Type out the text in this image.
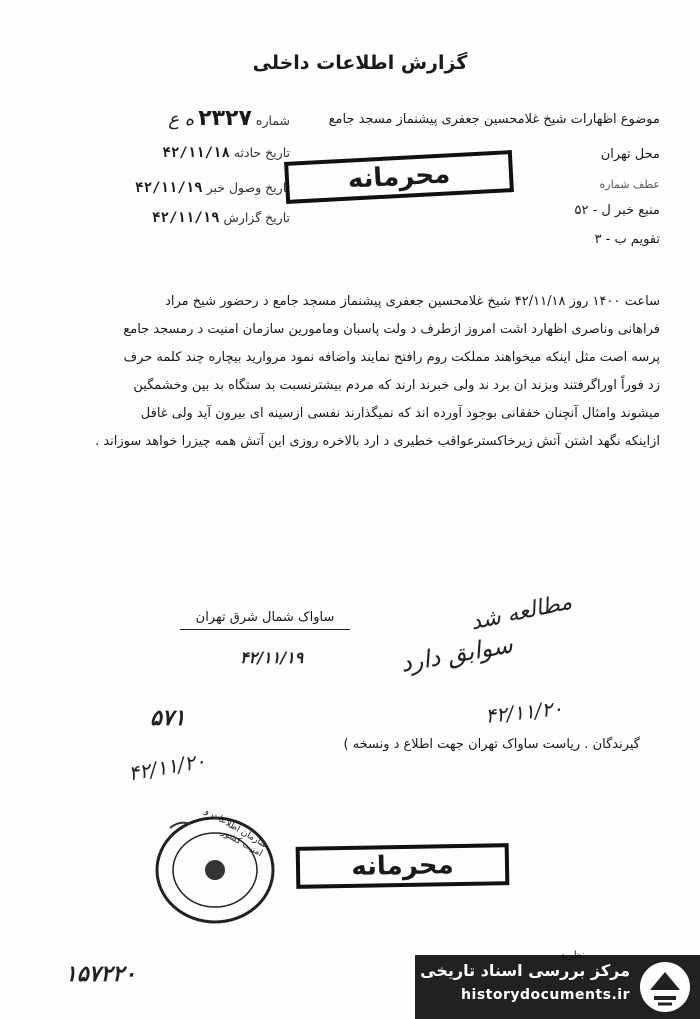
گزارش اطلاعات داخلی
موضوع اظهارات شیخ غلامحسین جعفری پیشنماز مسجد جامع
محل تهران
عطف شماره
منبع خبر ل - ۵۲
تقویم ب - ۳
شماره ۲۳۲۷ ه ع
تاریخ حادثه ۴۲/۱۱/۱۸
تاریخ وصول خبر ۴۲/۱۱/۱۹
تاریخ گزارش ۴۲/۱۱/۱۹
محرمانه

ساعت ۱۴۰۰ روز ۴۲/۱۱/۱۸ شیخ غلامحسین جعفری پیشنماز مسجد جامع د رحضور شیخ مراد

فراهانی وناصری اظهارد اشت امروز ازطرف د ولت پاسبان ومامورین سازمان امنیت د رمسجد جامع

پرسه اصت مثل اینکه میخواهند مملکت روم رافتح نمایند واضافه نمود مروارید بیچاره چند کلمه حرف

زد فوراً اوراگرفتند وبزند ان برد ند ولی خبرند ارند که مردم بیشترنسبت بد ستگاه بد بین وخشمگین

میشوند وامثال آنچنان خفقانی بوجود آورده اند که نمیگذارند نفسی ازسینه ای بیرون آید ولی غافل

ازاینکه نگهد اشتن آتش زیرخاکسترعواقب خطیری د ارد بالاخره روزی این آتش همه چیزرا خواهد سوزاند .

ساواک شمال شرق تهران
۴۲/۱۱/۱۹
مطالعه شد
سوابق دارد
۴۲/۱۱/۲۰
گیرندگان . ریاست ساواک تهران جهت اطلاع د ونسخه )
۵۷۱
۴۲/۱۱/۲۰
سازمان اطلاعات و امنیت کشور
محرمانه
۱۵۷۲۲۰	مرکز بررسی اسناد تاریخی
historydocuments.ir
